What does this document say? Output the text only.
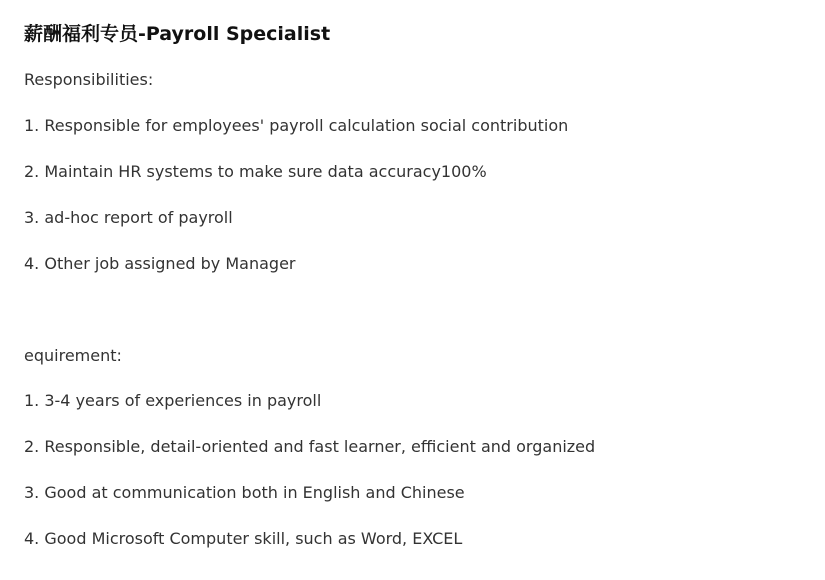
薪酬福利专员-Payroll Specialist

Responsibilities:

1. Responsible for employees' payroll calculation social contribution

2. Maintain HR systems to make sure data accuracy100%

3. ad-hoc report of payroll

4. Other job assigned by Manager

equirement:

1. 3-4 years of experiences in payroll

2. Responsible, detail-oriented and fast learner, efficient and organized

3. Good at communication both in English and Chinese

4. Good Microsoft Computer skill, such as Word, EXCEL
